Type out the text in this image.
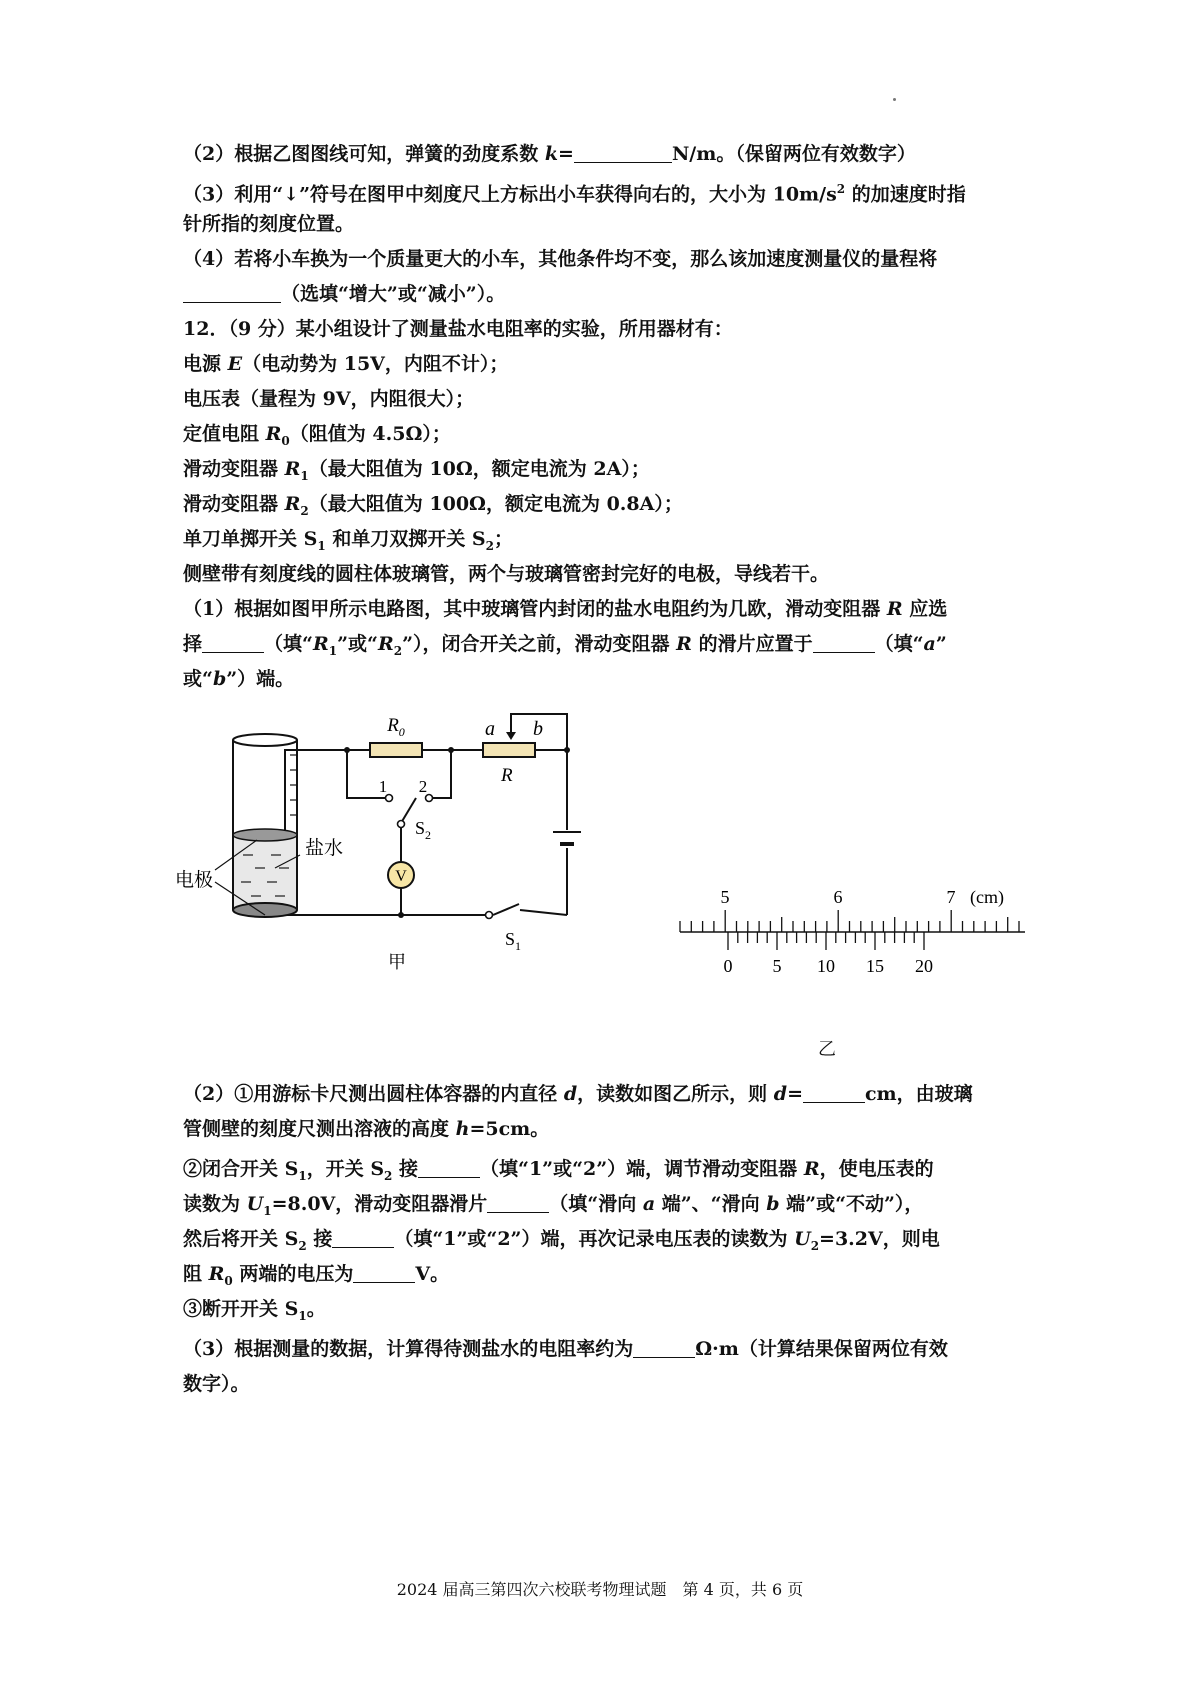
（2）根据乙图图线可知，弹簧的劲度系数 k=	N/m。（保留两位有效数字）
（3）利用“↓”符号在图甲中刻度尺上方标出小车获得向右的，大小为 $10m/s^2$ 的加速度时指
针所指的刻度位置。
（4）若将小车换为一个质量更大的小车，其他条件均不变，那么该加速度测量仪的量程将
（选填“增大”或“减小”）。
12．（9 分）某小组设计了测量盐水电阻率的实验，所用器材有：
电源 E（电动势为 15V，内阻不计）；
电压表（量程为 9V，内阻很大）；
定值电阻 $R_0$（阻值为 4.5Ω）；
滑动变阻器 $R_1$（最大阻值为 10Ω，额定电流为 2A）；
滑动变阻器 $R_2$（最大阻值为 100Ω，额定电流为 0.8A）；
单刀单掷开关 $S_1$ 和单刀双掷开关 $S_2$；
侧壁带有刻度线的圆柱体玻璃管，两个与玻璃管密封完好的电极，导线若干。
（1）根据如图甲所示电路图，其中玻璃管内封闭的盐水电阻约为几欧，滑动变阻器 R 应选
择	（填“$R_1$”或“$R_2$”），闭合开关之前，滑动变阻器 R 的滑片应置于	（填“a”
或“b”）端。
V
$R_0$	a b
R
1 2
$S_2$
$S_1$
盐水
电极
甲
5	6	7 (cm)
0 5 10 15 20
乙
（2）①用游标卡尺测出圆柱体容器的内直径 d，读数如图乙所示，则 d=	cm，由玻璃
管侧壁的刻度尺测出溶液的高度 h=5cm。
②闭合开关 $S_1$，开关 $S_2$ 接	（填“1”或“2”）端，调节滑动变阻器 R，使电压表的
读数为 $U_1=8.0V$，滑动变阻器滑片	（填“滑向 a 端”、“滑向 b 端”或“不动”），
然后将开关 $S_2$ 接	（填“1”或“2”）端，再次记录电压表的读数为 $U_2=3.2V$，则电
阻 $R_0$ 两端的电压为	V。
③断开开关 $S_1$。
（3）根据测量的数据，计算得待测盐水的电阻率约为	Ω·m（计算结果保留两位有效
数字）。
2024 届高三第四次六校联考物理试题　第 4 页，共 6 页
